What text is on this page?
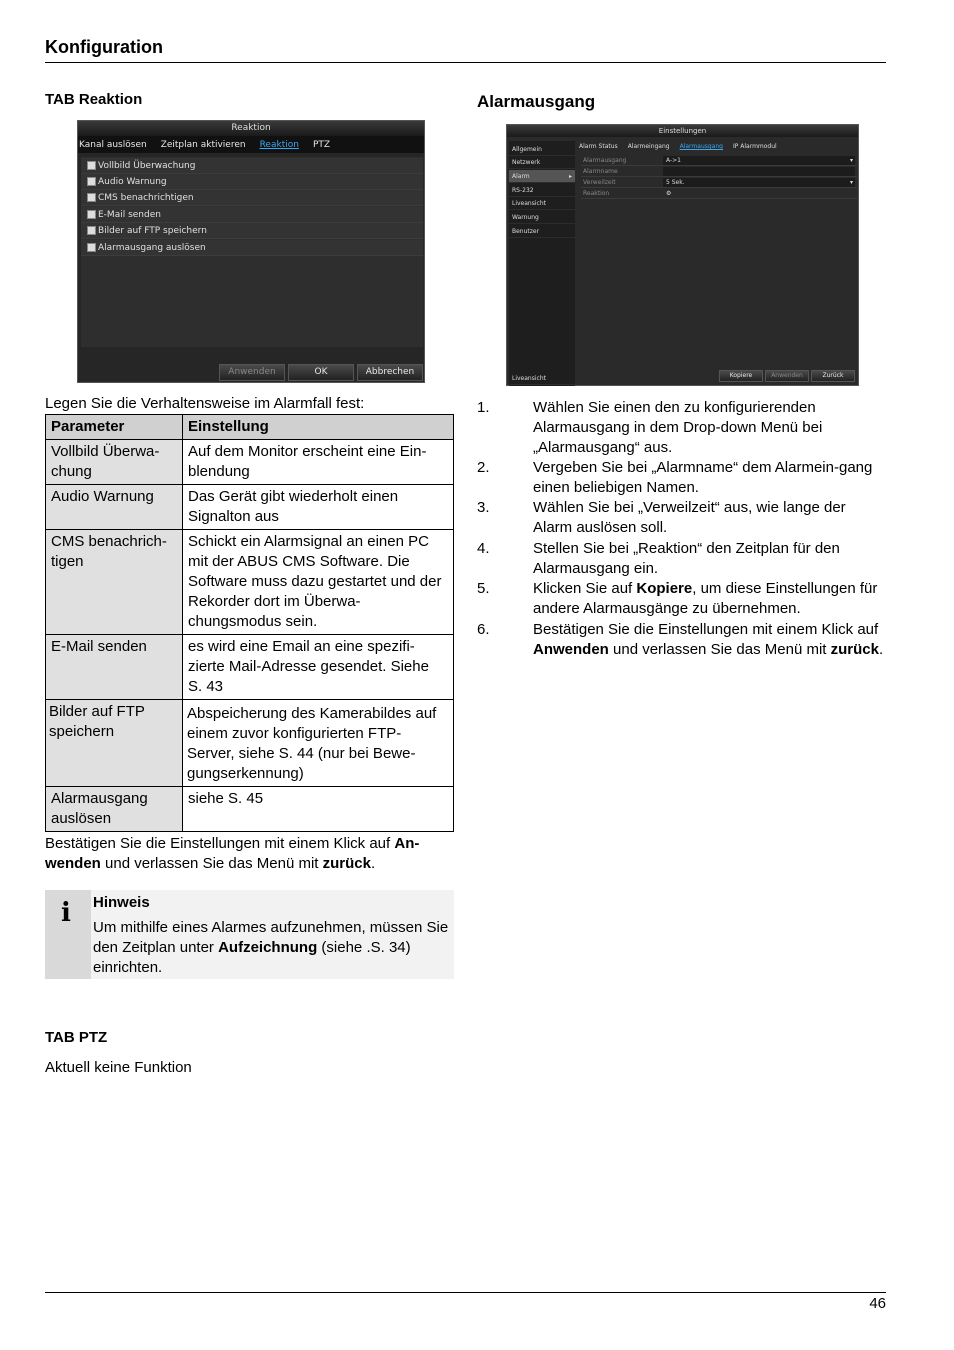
Konfiguration
TAB Reaktion
Reaktion
Kanal auslösen Zeitplan aktivieren Reaktion PTZ
Vollbild Überwachung
Audio Warnung
CMS benachrichtigen
E-Mail senden
Bilder auf FTP speichern
Alarmausgang auslösen
Anwenden	OK	Abbrechen
Legen Sie die Verhaltensweise im Alarmfall fest:
Parameter	Einstellung
Vollbild Überwa-chung	Auf dem Monitor erscheint eine Ein-blendung
Audio Warnung	Das Gerät gibt wiederholt einen Signalton aus
CMS benachrich-tigen	Schickt ein Alarmsignal an einen PC mit der ABUS CMS Software. Die Software muss dazu gestartet und der Rekorder dort im Überwa-chungsmodus sein.
E-Mail senden	es wird eine Email an eine spezifi-zierte Mail-Adresse gesendet. Siehe S. 43
Bilder auf FTP speichern	Abspeicherung des Kamerabildes auf einem zuvor konfigurierten FTP-Server, siehe S. 44 (nur bei Bewe-gungserkennung)
Alarmausgang auslösen	siehe S. 45
Bestätigen Sie die Einstellungen mit einem Klick auf An-wenden und verlassen Sie das Menü mit zurück.
i Hinweis
Um mithilfe eines Alarmes aufzunehmen, müssen Sie den Zeitplan unter Aufzeichnung (siehe .S. 34) einrichten.
TAB PTZ
Aktuell keine Funktion
Alarmausgang
Einstellungen
Allgemein
Netzwerk
Alarm	▸
RS-232
Liveansicht
Warnung
Benutzer
Liveansicht
Alarm Status Alarmeingang Alarmausgang IP Alarmmodul
Alarmausgang	A->1	▾
Alarmname
Verweilzeit	5 Sek.	▾
Reaktion	⚙
Kopiere	Anwenden	Zurück
1.	Wählen Sie einen den zu konfigurierenden Alarmausgang in dem Drop-down Menü bei „Alarmausgang“ aus.
2.	Vergeben Sie bei „Alarmname“ dem Alarmein-gang einen beliebigen Namen.
3.	Wählen Sie bei „Verweilzeit“ aus, wie lange der Alarm auslösen soll.
4.	Stellen Sie bei „Reaktion“ den Zeitplan für den Alarmausgang ein.
5.	Klicken Sie auf Kopiere, um diese Einstellungen für andere Alarmausgänge zu übernehmen.
6.	Bestätigen Sie die Einstellungen mit einem Klick auf Anwenden und verlassen Sie das Menü mit zurück.
46
